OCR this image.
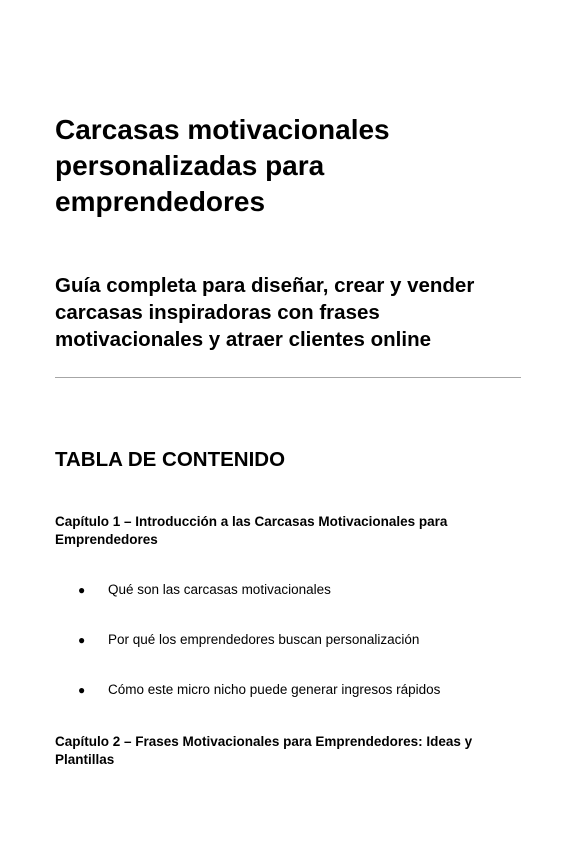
Carcasas motivacionales personalizadas para emprendedores
Guía completa para diseñar, crear y vender carcasas inspiradoras con frases motivacionales y atraer clientes online
TABLA DE CONTENIDO

Capítulo 1 – Introducción a las Carcasas Motivacionales para Emprendedores

● Qué son las carcasas motivacionales
● Por qué los emprendedores buscan personalización
● Cómo este micro nicho puede generar ingresos rápidos

Capítulo 2 – Frases Motivacionales para Emprendedores: Ideas y Plantillas
